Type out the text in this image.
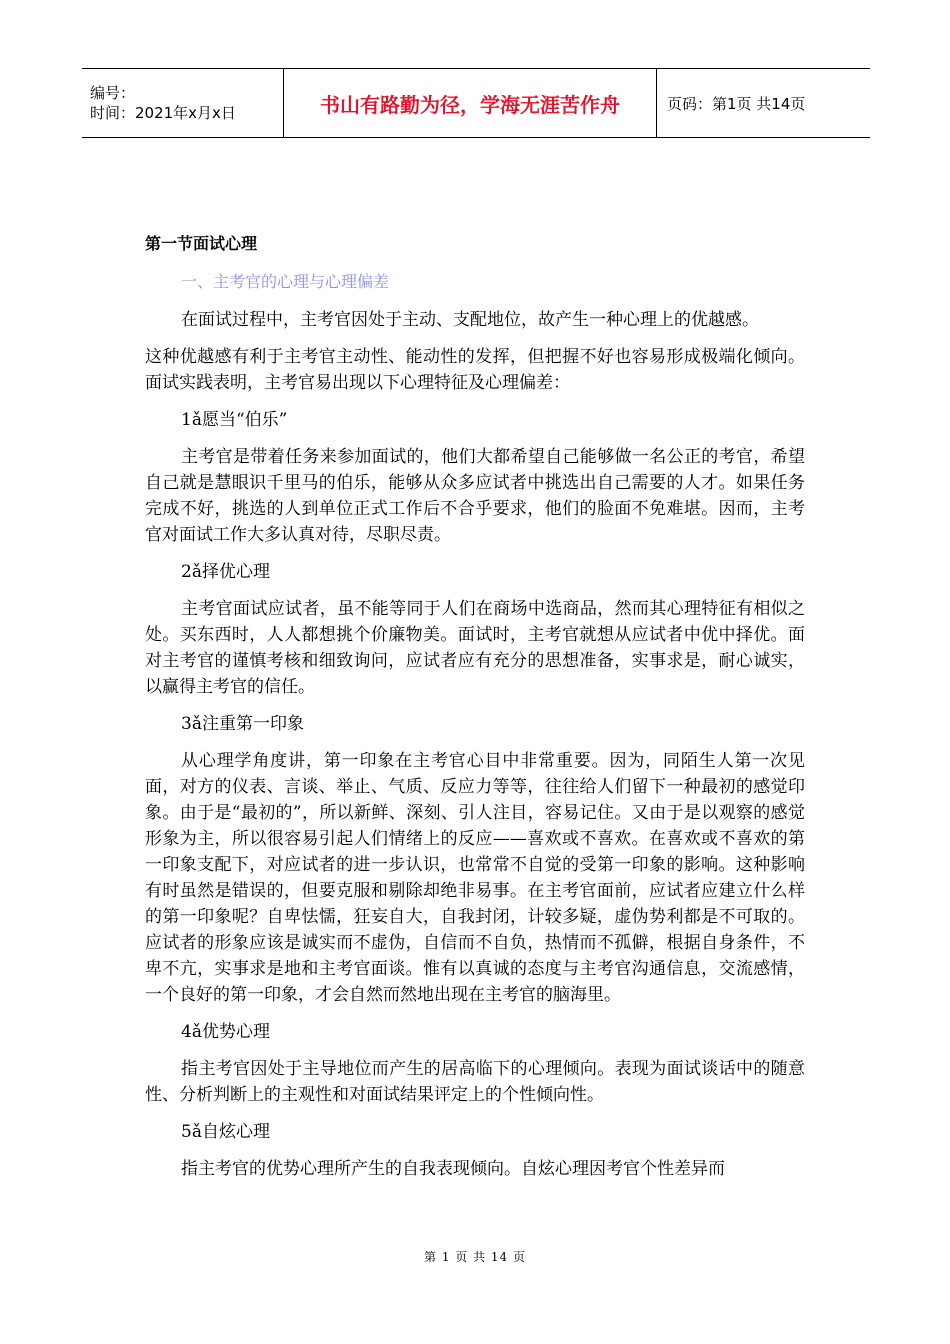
编号：
时间：2021年x月x日	书山有路勤为径，学海无涯苦作舟	页码：第1页 共14页
第一节面试心理
一、主考官的心理与心理偏差

在面试过程中，主考官因处于主动、支配地位，故产生一种心理上的优越感。

这种优越感有利于主考官主动性、能动性的发挥，但把握不好也容易形成极端化倾向。面试实践表明，主考官易出现以下心理特征及心理偏差：

1ǎ愿当“伯乐”

主考官是带着任务来参加面试的，他们大都希望自己能够做一名公正的考官，希望自己就是慧眼识千里马的伯乐，能够从众多应试者中挑选出自己需要的人才。如果任务完成不好，挑选的人到单位正式工作后不合乎要求，他们的脸面不免难堪。因而，主考官对面试工作大多认真对待，尽职尽责。

2ǎ择优心理

主考官面试应试者，虽不能等同于人们在商场中选商品，然而其心理特征有相似之处。买东西时，人人都想挑个价廉物美。面试时，主考官就想从应试者中优中择优。面对主考官的谨慎考核和细致询问，应试者应有充分的思想准备，实事求是，耐心诚实，以赢得主考官的信任。

3ǎ注重第一印象

从心理学角度讲，第一印象在主考官心目中非常重要。因为，同陌生人第一次见面，对方的仪表、言谈、举止、气质、反应力等等，往往给人们留下一种最初的感觉印象。由于是“最初的”，所以新鲜、深刻、引人注目，容易记住。又由于是以观察的感觉形象为主，所以很容易引起人们情绪上的反应——喜欢或不喜欢。在喜欢或不喜欢的第一印象支配下，对应试者的进一步认识，也常常不自觉的受第一印象的影响。这种影响有时虽然是错误的，但要克服和剔除却绝非易事。在主考官面前，应试者应建立什么样的第一印象呢？自卑怯懦，狂妄自大，自我封闭，计较多疑，虚伪势利都是不可取的。应试者的形象应该是诚实而不虚伪，自信而不自负，热情而不孤僻，根据自身条件，不卑不亢，实事求是地和主考官面谈。惟有以真诚的态度与主考官沟通信息，交流感情，一个良好的第一印象，才会自然而然地出现在主考官的脑海里。

4ǎ优势心理

指主考官因处于主导地位而产生的居高临下的心理倾向。表现为面试谈话中的随意性、分析判断上的主观性和对面试结果评定上的个性倾向性。

5ǎ自炫心理

指主考官的优势心理所产生的自我表现倾向。自炫心理因考官个性差异而

第 1 页 共 14 页
